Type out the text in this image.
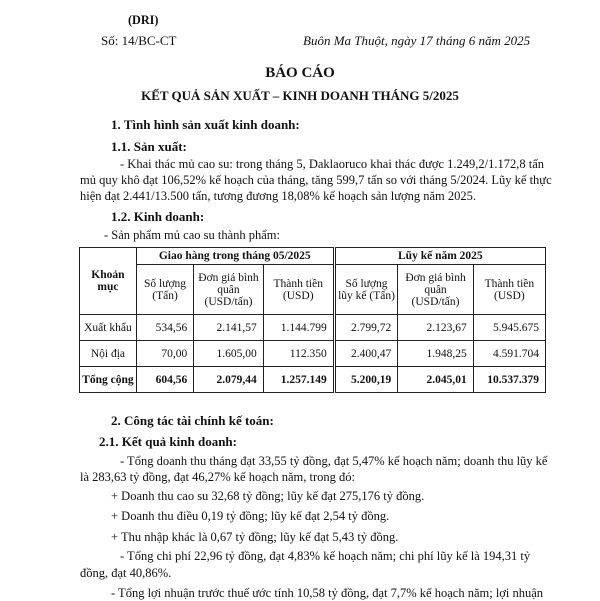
(DRI)
Số: 14/BC-CT	Buôn Ma Thuột, ngày 17 tháng 6 năm 2025
BÁO CÁO
KẾT QUẢ SẢN XUẤT – KINH DOANH THÁNG 5/2025
1. Tình hình sản xuất kinh doanh:
1.1. Sản xuất:
- Khai thác mủ cao su: trong tháng 5, Daklaoruco khai thác được 1.249,2/1.172,8 tấn
mủ quy khô đạt 106,52% kế hoạch của tháng, tăng 599,7 tấn so với tháng 5/2024. Lũy kế thực
hiện đạt 2.441/13.500 tấn, tương đương 18,08% kế hoạch sản lượng năm 2025.
1.2. Kinh doanh:
- Sản phẩm mủ cao su thành phẩm:
Khoản mục	Giao hàng trong tháng 05/2025			Lũy kế năm 2025		
	Số lượng (Tấn)	Đơn giá bình quân (USD/tấn)	Thành tiền (USD)	Số lượng lũy kế (Tấn)	Đơn giá bình quân (USD/tấn)	Thành tiền (USD)
Xuất khẩu	534,56	2.141,57	1.144.799	2.799,72	2.123,67	5.945.675
Nội địa	70,00	1.605,00	112.350	2.400,47	1.948,25	4.591.704
Tổng cộng	604,56	2.079,44	1.257.149	5.200,19	2.045,01	10.537.379
2. Công tác tài chính kế toán:
2.1. Kết quả kinh doanh:
- Tổng doanh thu tháng đạt 33,55 tỷ đồng, đạt 5,47% kế hoạch năm; doanh thu lũy kế
là 283,63 tỷ đồng, đạt 46,27% kế hoạch năm, trong đó:
+ Doanh thu cao su 32,68 tỷ đồng; lũy kế đạt 275,176 tỷ đồng.
+ Doanh thu điều 0,19 tỷ đồng; lũy kế đạt 2,54 tỷ đồng.
+ Thu nhập khác là 0,67 tỷ đồng; lũy kế đạt 5,43 tỷ đồng.
- Tổng chi phí 22,96 tỷ đồng, đạt 4,83% kế hoạch năm; chi phí lũy kế là 194,31 tỷ
đồng, đạt 40,86%.
- Tổng lợi nhuận trước thuế ước tính 10,58 tỷ đồng, đạt 7,7% kế hoạch năm; lợi nhuận
